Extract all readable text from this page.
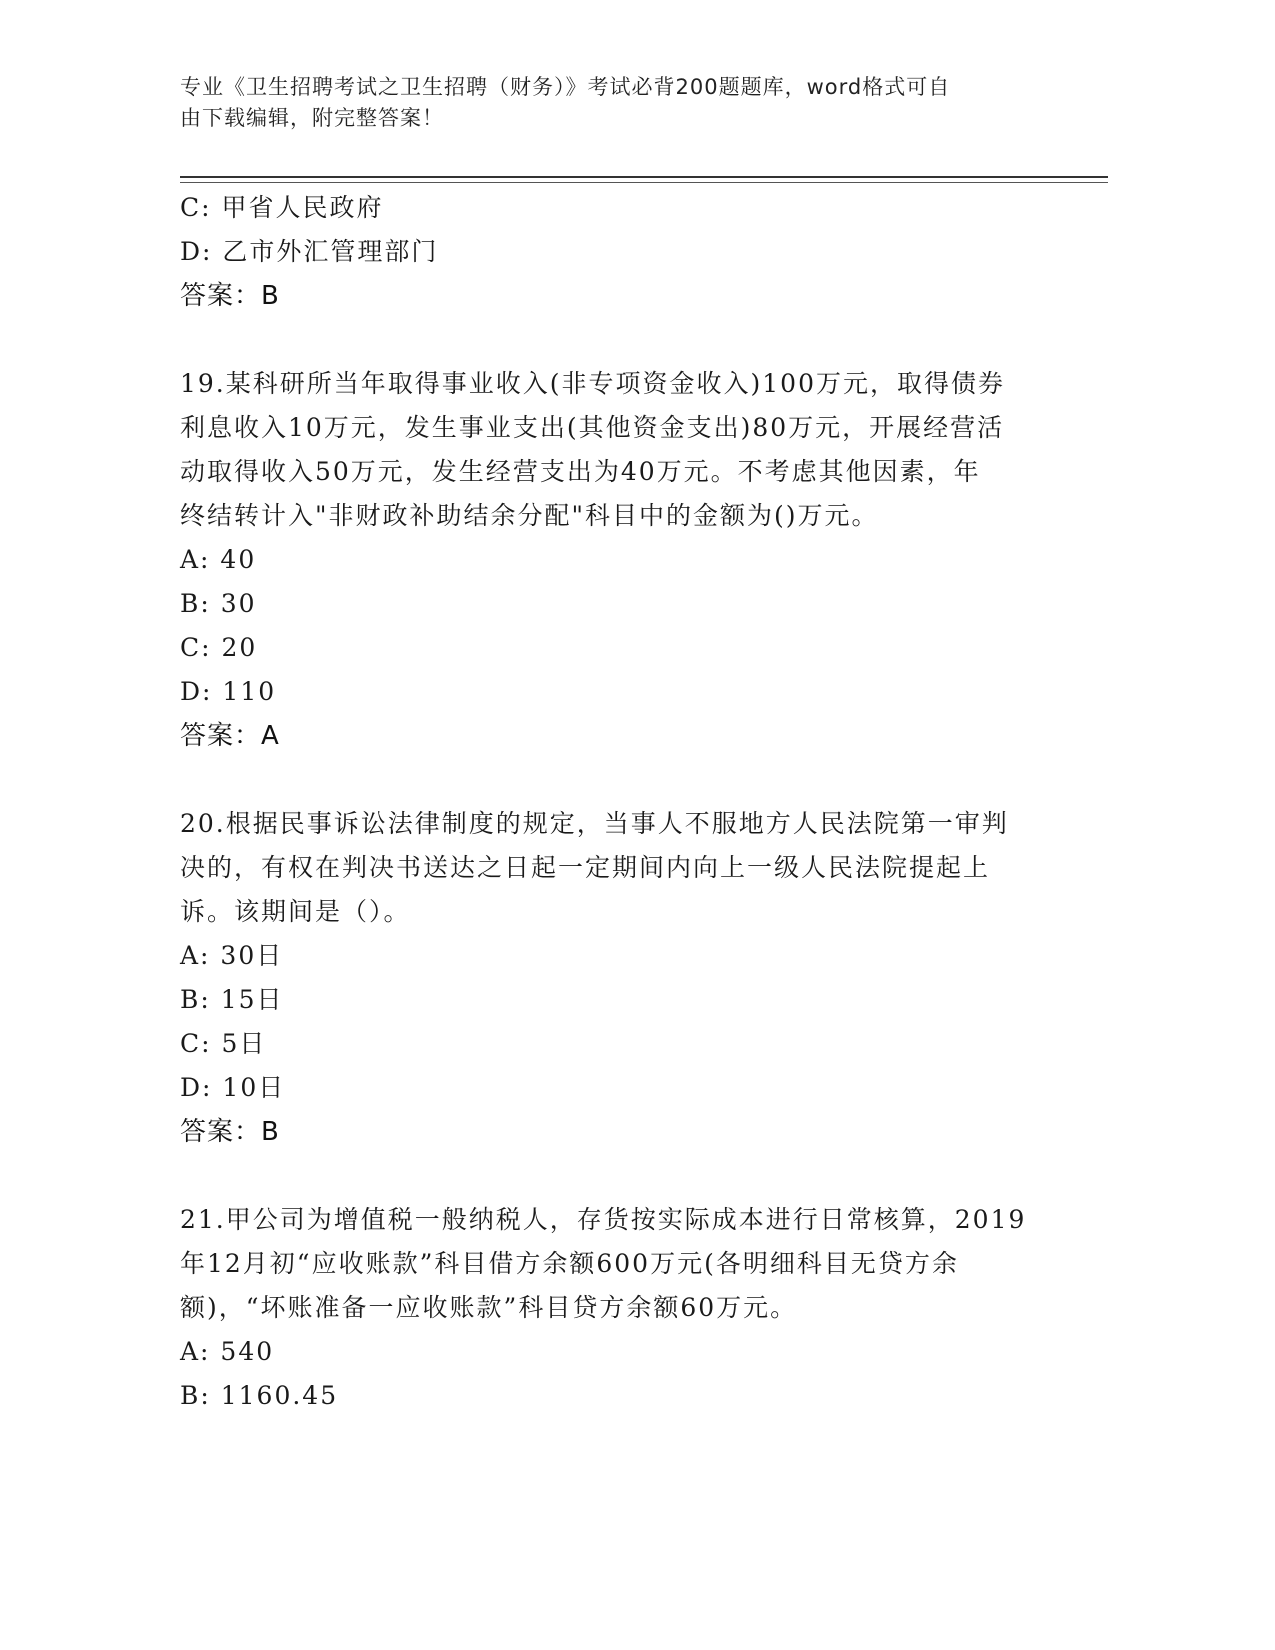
专业《卫生招聘考试之卫生招聘（财务）》考试必背200题题库，word格式可自
由下载编辑，附完整答案！
C: 甲省人民政府
D: 乙市外汇管理部门
答案：B
19.某科研所当年取得事业收入(非专项资金收入)100万元，取得债券
利息收入10万元，发生事业支出(其他资金支出)80万元，开展经营活
动取得收入50万元，发生经营支出为40万元。不考虑其他因素，年
终结转计入"非财政补助结余分配"科目中的金额为()万元。
A: 40
B: 30
C: 20
D: 110
答案：A
20.根据民事诉讼法律制度的规定，当事人不服地方人民法院第一审判
决的，有权在判决书送达之日起一定期间内向上一级人民法院提起上
诉。该期间是（）。
A: 30日
B: 15日
C: 5日
D: 10日
答案：B
21.甲公司为增值税一般纳税人，存货按实际成本进行日常核算，2019
年12月初“应收账款”科目借方余额600万元(各明细科目无贷方余
额)，“坏账准备一应收账款”科目贷方余额60万元。
A: 540
B: 1160.45
